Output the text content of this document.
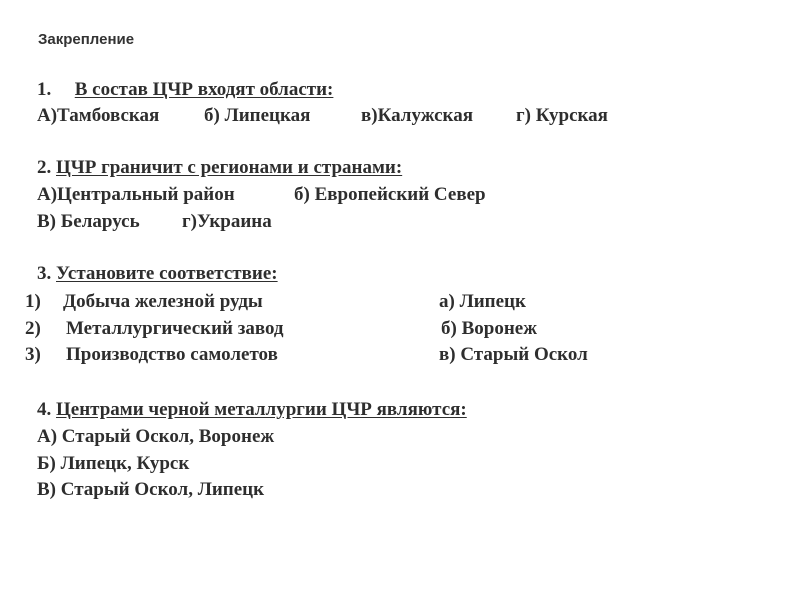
Закрепление
1. В состав ЦЧР входят области:
А)Тамбовская б) Липецкая	в)Калужская г) Курская
2. ЦЧР граничит с регионами и странами:
А)Центральный район	б) Европейский Север
В) Беларусь г)Украина
3. Установите соответствие:
1) Добыча железной руды	а) Липецк
2) Металлургический завод	б) Воронеж
3) Производство самолетов	в) Старый Оскол
4. Центрами черной металлургии ЦЧР являются:
А) Старый Оскол, Воронеж
Б) Липецк, Курск
В) Старый Оскол, Липецк
